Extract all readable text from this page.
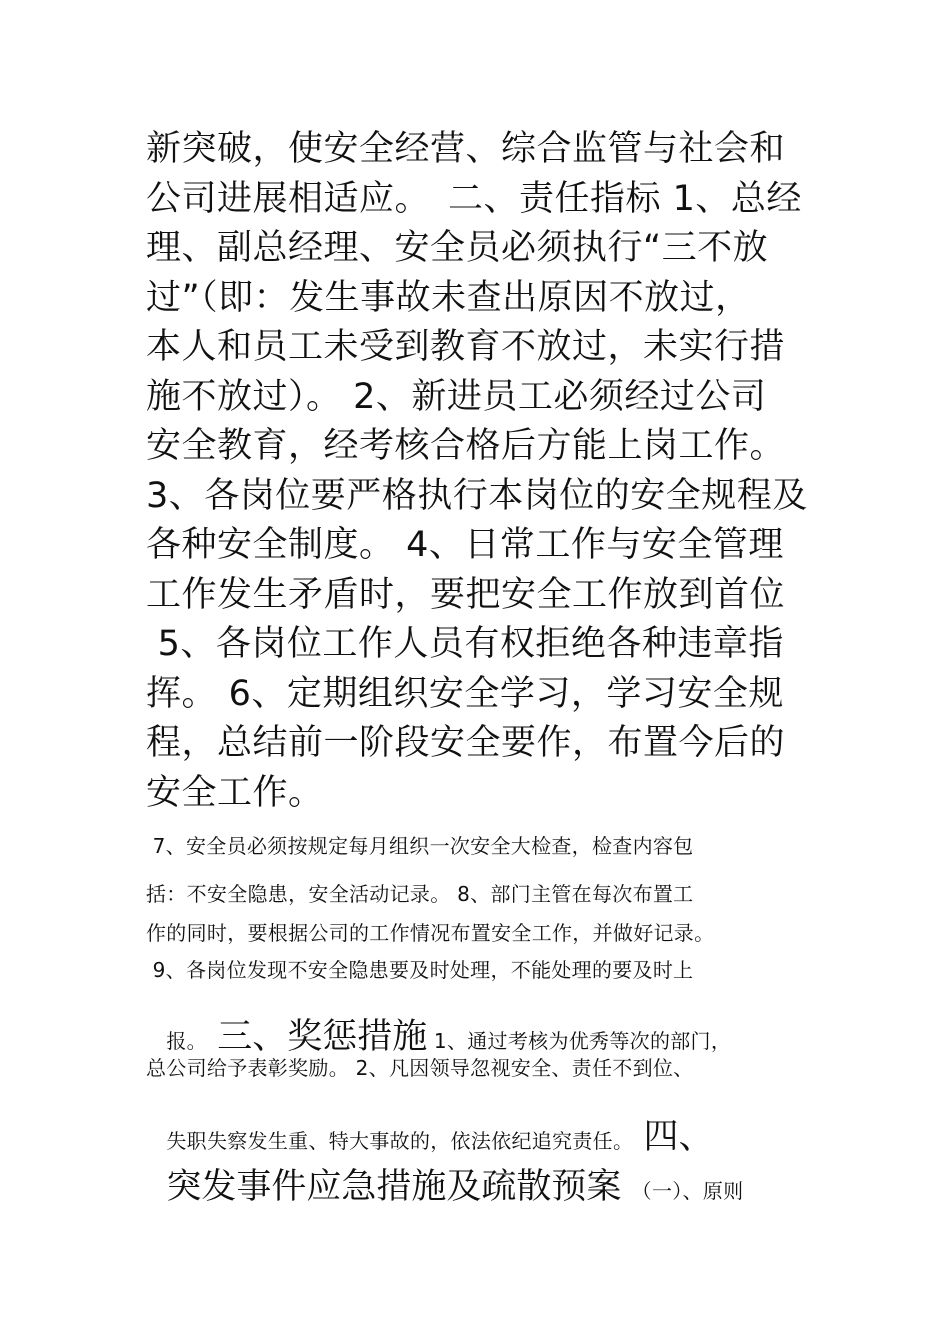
新突破，使安全经营、综合监管与社会和
公司进展相适应。　二、责任指标 1、总经
理、副总经理、安全员必须执行“三不放
过”（即：发生事故未查出原因不放过，
本人和员工未受到教育不放过，未实行措
施不放过）。 2、新进员工必须经过公司
安全教育，经考核合格后方能上岗工作。
3、各岗位要严格执行本岗位的安全规程及
各种安全制度。 4、日常工作与安全管理
工作发生矛盾时，要把安全工作放到首位
5、各岗位工作人员有权拒绝各种违章指
挥。 6、定期组织安全学习，学习安全规
程，总结前一阶段安全要作，布置今后的
安全工作。
7、安全员必须按规定每月组织一次安全大检查，检查内容包
括：不安全隐患，安全活动记录。 8、部门主管在每次布置工
作的同时，要根据公司的工作情况布置安全工作，并做好记录。
9、各岗位发现不安全隐患要及时处理，不能处理的要及时上

报。　三、奖惩措施 1、通过考核为优秀等次的部门，

总公司给予表彰奖励。 2、凡因领导忽视安全、责任不到位、

失职失察发生重、特大事故的，依法依纪追究责任。　四、

突发事件应急措施及疏散预案　（一）、原则
